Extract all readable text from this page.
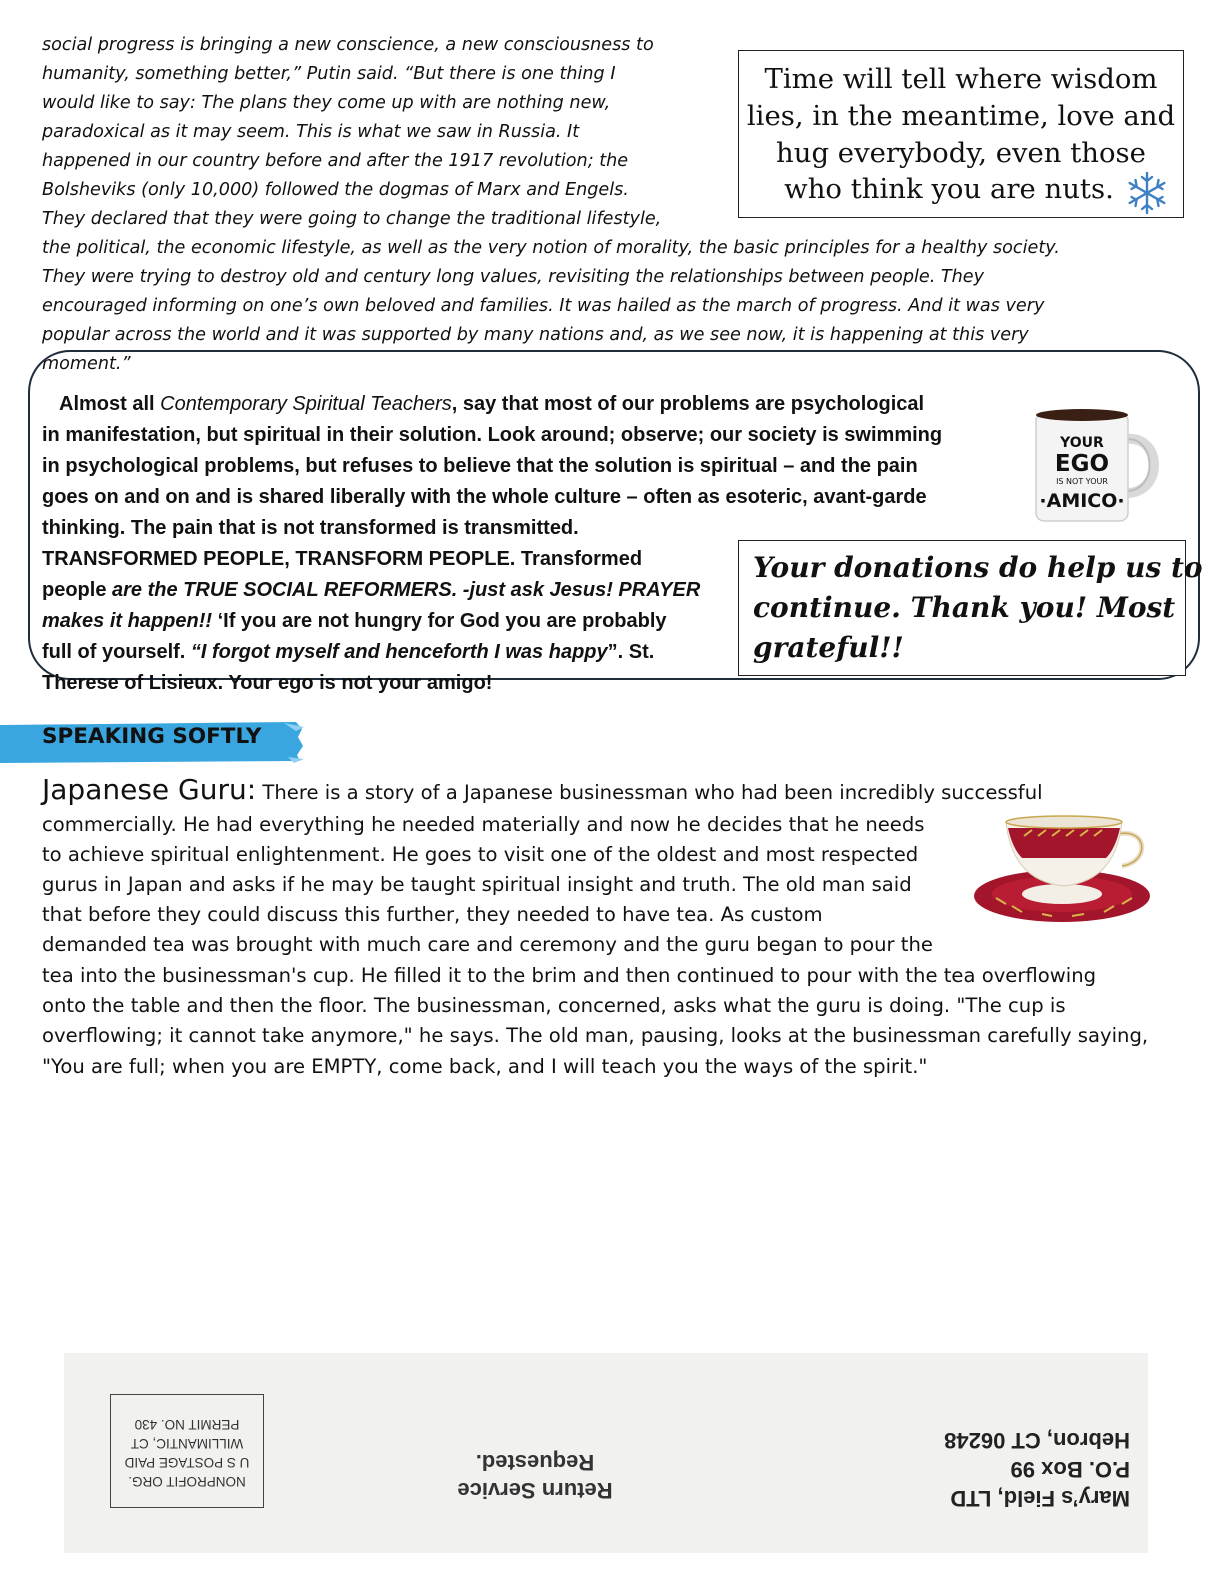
social progress is bringing a new conscience, a new consciousness to
humanity, something better,” Putin said. “But there is one thing I
would like to say: The plans they come up with are nothing new,
paradoxical as it may seem. This is what we saw in Russia. It
happened in our country before and after the 1917 revolution; the
Bolsheviks (only 10,000) followed the dogmas of Marx and Engels.
They declared that they were going to change the traditional lifestyle,
the political, the economic lifestyle, as well as the very notion of morality, the basic principles for a healthy society.
They were trying to destroy old and century long values, revisiting the relationships between people. They
encouraged informing on one’s own beloved and families. It was hailed as the march of progress. And it was very
popular across the world and it was supported by many nations and, as we see now, it is happening at this very
moment.”
Time will tell where wisdom
lies, in the meantime, love and
hug everybody, even those
who think you are nuts.
Almost all Contemporary Spiritual Teachers, say that most of our problems are psychological
in manifestation, but spiritual in their solution. Look around; observe; our society is swimming
in psychological problems, but refuses to believe that the solution is spiritual – and the pain
goes on and on and is shared liberally with the whole culture – often as esoteric, avant-garde
thinking. The pain that is not transformed is transmitted.
TRANSFORMED PEOPLE, TRANSFORM PEOPLE. Transformed
people are the TRUE SOCIAL REFORMERS. -just ask Jesus! PRAYER
makes it happen!! ‘If you are not hungry for God you are probably
full of yourself. “I forgot myself and henceforth I was happy”. St.
Therese of Lisieux. Your ego is not your amigo!
YOUR
EGO
IS NOT YOUR
·AMICO·
Your donations do help us to
continue. Thank you! Most
grateful!!
SPEAKING SOFTLY
Japanese Guru: There is a story of a Japanese businessman who had been incredibly successful
commercially. He had everything he needed materially and now he decides that he needs
to achieve spiritual enlightenment. He goes to visit one of the oldest and most respected
gurus in Japan and asks if he may be taught spiritual insight and truth. The old man said
that before they could discuss this further, they needed to have tea. As custom
demanded tea was brought with much care and ceremony and the guru began to pour the
tea into the businessman's cup. He filled it to the brim and then continued to pour with the tea overflowing
onto the table and then the floor. The businessman, concerned, asks what the guru is doing. "The cup is
overflowing; it cannot take anymore," he says. The old man, pausing, looks at the businessman carefully saying,
"You are full; when you are EMPTY, come back, and I will teach you the ways of the spirit."
NONPROFIT ORG.
U S POSTAGE PAID
WILLIMANTIC, CT
PERMIT NO. 430
Return Service
Requested.
Mary’s Field, LTD
P.O. Box 99
Hebron, CT 06248
